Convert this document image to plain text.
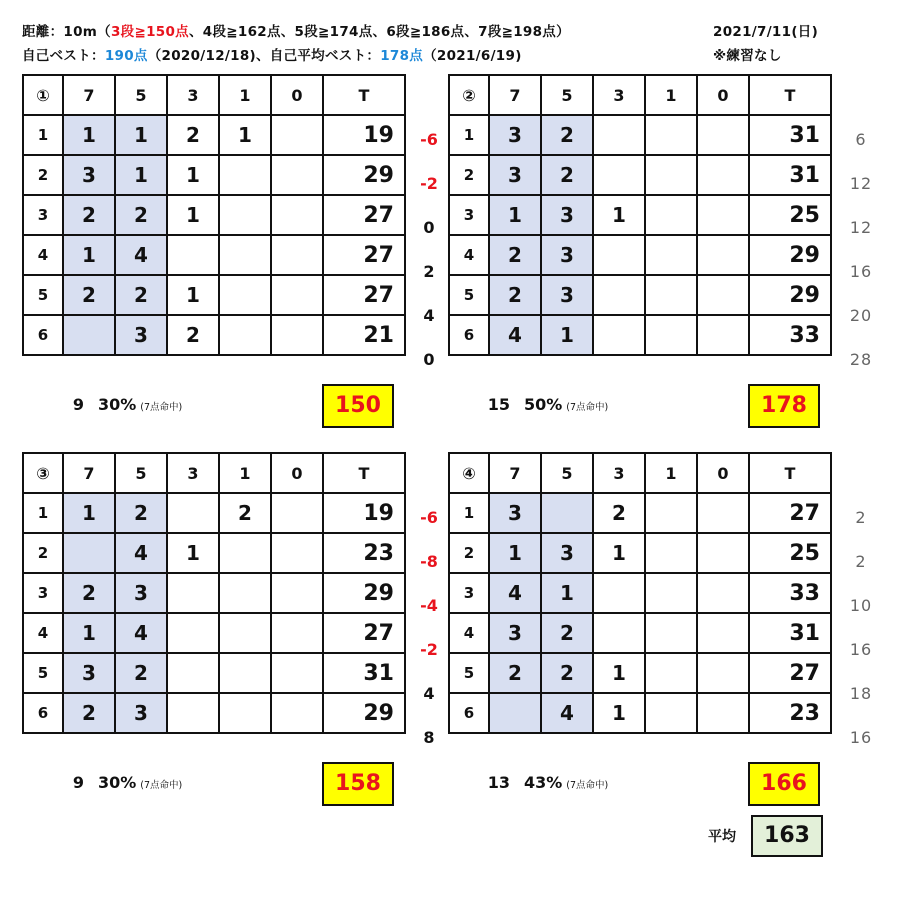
距離：10m（3段≧150点、4段≧162点、5段≧174点、6段≧186点、7段≧198点）	2021/7/11(日)
自己ベスト：190点（2020/12/18)、自己平均ベスト：178点（2021/6/19)	※練習なし
-6
-2
0
2
4
0
①	7	5	3	1	0	T
1	1	1	2	1		19
2	3	1	1			29
3	2	2	1			27
4	1	4				27
5	2	2	1			27
6		3	2			21
9 30% (7点命中)	150
6
12
12
16
20
28
②	7	5	3	1	0	T
1	3	2				31
2	3	2				31
3	1	3	1			25
4	2	3				29
5	2	3				29
6	4	1				33
15 50% (7点命中)	178
-6
-8
-4
-2
4
8
③	7	5	3	1	0	T
1	1	2		2		19
2		4	1			23
3	2	3				29
4	1	4				27
5	3	2				31
6	2	3				29
9 30% (7点命中)	158
2
2
10
16
18
16
④	7	5	3	1	0	T
1	3		2			27
2	1	3	1			25
3	4	1				33
4	3	2				31
5	2	2	1			27
6		4	1			23
13 43% (7点命中)	166
平均	163
